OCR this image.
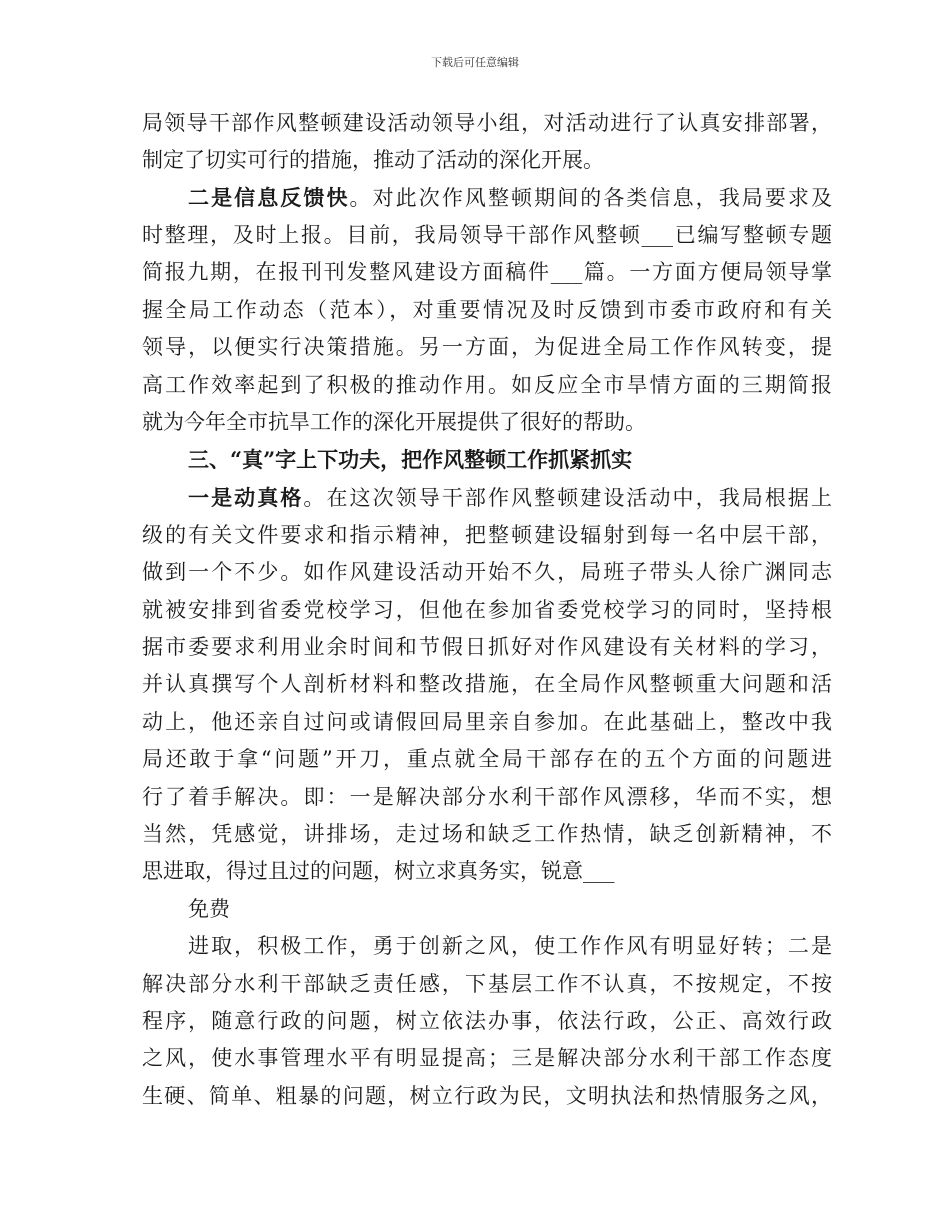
下载后可任意编辑
局领导干部作风整顿建设活动领导小组，对活动进行了认真安排部署，
制定了切实可行的措施，推动了活动的深化开展。
二是信息反馈快。对此次作风整顿期间的各类信息，我局要求及
时整理，及时上报。目前，我局领导干部作风整顿___已编写整顿专题
简报九期，在报刊刊发整风建设方面稿件___篇。一方面方便局领导掌
握全局工作动态（范本），对重要情况及时反馈到市委市政府和有关
领导，以便实行决策措施。另一方面，为促进全局工作作风转变，提
高工作效率起到了积极的推动作用。如反应全市旱情方面的三期简报
就为今年全市抗旱工作的深化开展提供了很好的帮助。
三、“真”字上下功夫，把作风整顿工作抓紧抓实
一是动真格。在这次领导干部作风整顿建设活动中，我局根据上
级的有关文件要求和指示精神，把整顿建设辐射到每一名中层干部，
做到一个不少。如作风建设活动开始不久，局班子带头人徐广渊同志
就被安排到省委党校学习，但他在参加省委党校学习的同时，坚持根
据市委要求利用业余时间和节假日抓好对作风建设有关材料的学习，
并认真撰写个人剖析材料和整改措施，在全局作风整顿重大问题和活
动上，他还亲自过问或请假回局里亲自参加。在此基础上，整改中我
局还敢于拿“问题”开刀，重点就全局干部存在的五个方面的问题进
行了着手解决。即：一是解决部分水利干部作风漂移，华而不实，想
当然，凭感觉，讲排场，走过场和缺乏工作热情，缺乏创新精神，不
思进取，得过且过的问题，树立求真务实，锐意___
免费
进取，积极工作，勇于创新之风，使工作作风有明显好转；二是
解决部分水利干部缺乏责任感，下基层工作不认真，不按规定，不按
程序，随意行政的问题，树立依法办事，依法行政，公正、高效行政
之风，使水事管理水平有明显提高；三是解决部分水利干部工作态度
生硬、简单、粗暴的问题，树立行政为民，文明执法和热情服务之风，
